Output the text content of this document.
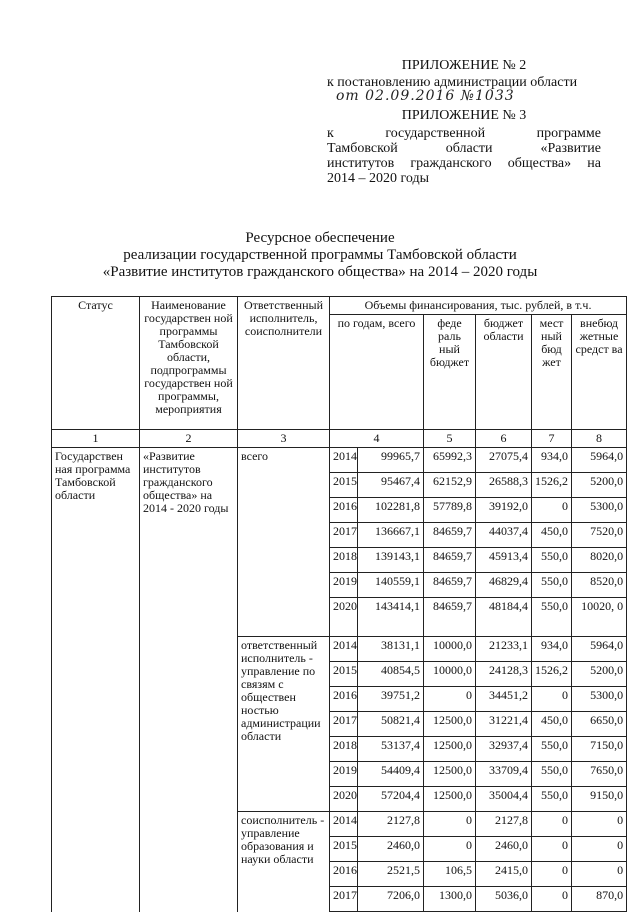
ПРИЛОЖЕНИЕ № 2
к постановлению администрации области
от 02.09.2016 №1033
ПРИЛОЖЕНИЕ № 3
к	государственной	программе
Тамбовской	области	«Развитие
институтов гражданского общества» на
2014 – 2020 годы
Ресурсное обеспечение
реализации государственной программы Тамбовской области
«Развитие институтов гражданского общества» на 2014 – 2020 годы
Статус	Наименование государствен ной программы Тамбовской области, подпрограммы государствен ной программы, мероприятия	Ответственный исполнитель, соисполнители	Объемы финансирования, тыс. рублей, в т.ч.					
			по годам, всего		феде раль ный бюджет	бюджет области	мест ный бюд жет	внебюд жетные средст ва
1	2	3	4		5	6	7	8
Государствен ная программа Тамбовской области	«Развитие институтов гражданского общества» на 2014 - 2020 годы	всего	2014	99965,7	65992,3	27075,4	934,0	5964,0
			2015	95467,4	62152,9	26588,3	1526,2	5200,0
			2016	102281,8	57789,8	39192,0	0	5300,0
			2017	136667,1	84659,7	44037,4	450,0	7520,0
			2018	139143,1	84659,7	45913,4	550,0	8020,0
			2019	140559,1	84659,7	46829,4	550,0	8520,0
			2020	143414,1	84659,7	48184,4	550,0	10020, 0
		ответственный исполнитель - управление по связям с обществен ностью администрации области	2014	38131,1	10000,0	21233,1	934,0	5964,0
			2015	40854,5	10000,0	24128,3	1526,2	5200,0
			2016	39751,2	0	34451,2	0	5300,0
			2017	50821,4	12500,0	31221,4	450,0	6650,0
			2018	53137,4	12500,0	32937,4	550,0	7150,0
			2019	54409,4	12500,0	33709,4	550,0	7650,0
			2020	57204,4	12500,0	35004,4	550,0	9150,0
		соисполнитель - управление образования и науки области	2014	2127,8	0	2127,8	0	0
			2015	2460,0	0	2460,0	0	0
			2016	2521,5	106,5	2415,0	0	0
			2017	7206,0	1300,0	5036,0	0	870,0
